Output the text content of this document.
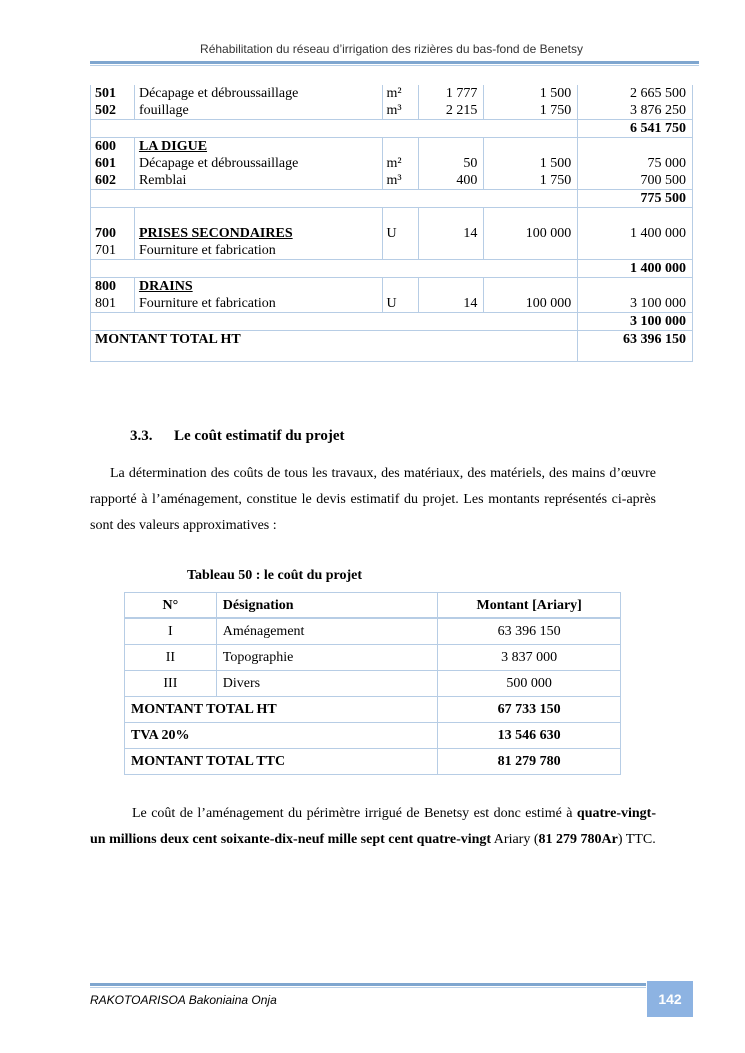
Réhabilitation du réseau d’irrigation des rizières du bas-fond de Benetsy
501	Décapage et débroussaillage	m²	1 777	1 500	2 665 500
502	fouillage	m³	2 215	1 750	3 876 250
					6 541 750
600	LA DIGUE				
601	Décapage et débroussaillage	m²	50	1 500	75 000
602	Remblai	m³	400	1 750	700 500
					775 500
700	PRISES SECONDAIRES	U	14	100 000	1 400 000
701	Fourniture et fabrication				
					1 400 000
800	DRAINS				
801	Fourniture et fabrication	U	14	100 000	3 100 000
					3 100 000
MONTANT TOTAL HT					63 396 150
3.3. Le coût estimatif du projet
La détermination des coûts de tous les travaux, des matériaux, des matériels, des mains d’œuvre rapporté à l’aménagement, constitue le devis estimatif du projet. Les montants représentés ci-après sont des valeurs approximatives :
Tableau 50 : le coût du projet
N°	Désignation	Montant [Ariary]
I	Aménagement	63 396 150
II	Topographie	3 837 000
III	Divers	500 000
MONTANT TOTAL HT		67 733 150
TVA 20%		13 546 630
MONTANT TOTAL TTC		81 279 780
Le coût de l’aménagement du périmètre irrigué de Benetsy est donc estimé à quatre-vingt-un millions deux cent soixante-dix-neuf mille sept cent quatre-vingt Ariary (81 279 780Ar) TTC.
RAKOTOARISOA Bakoniaina Onja	142
